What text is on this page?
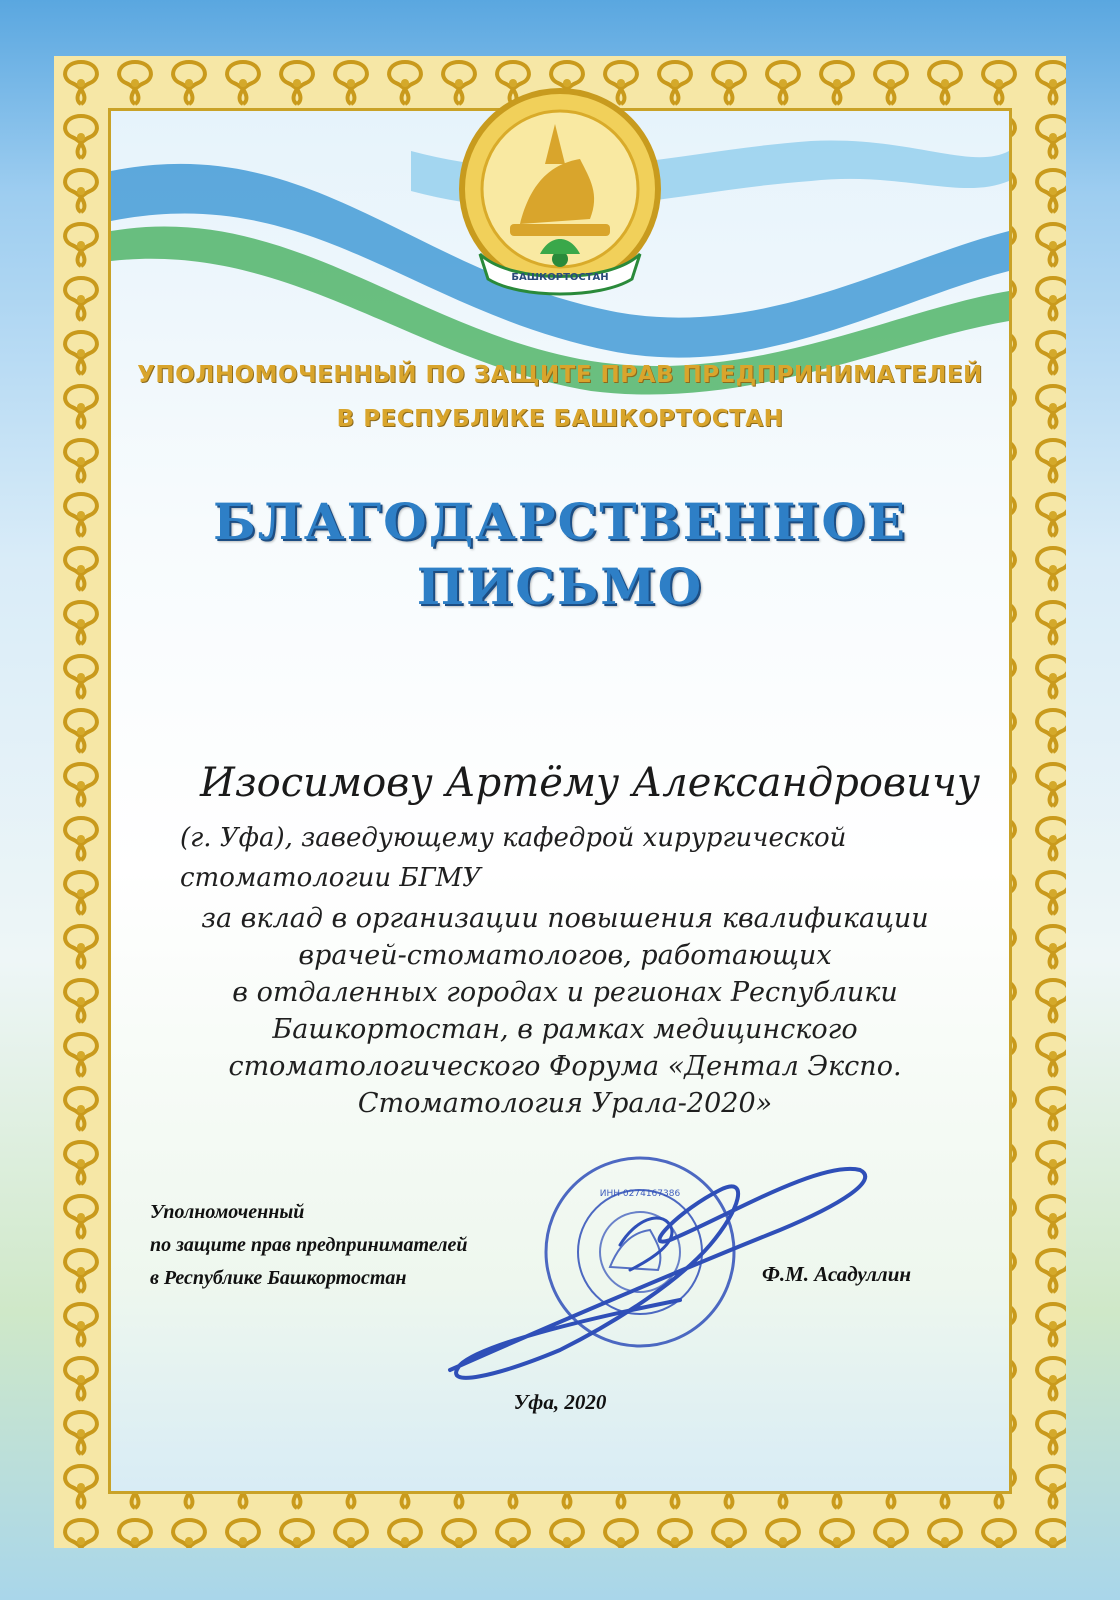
БАШКОРТОСТАН
УПОЛНОМОЧЕННЫЙ ПО ЗАЩИТЕ ПРАВ ПРЕДПРИНИМАТЕЛЕЙ
В РЕСПУБЛИКЕ БАШКОРТОСТАН
БЛАГОДАРСТВЕННОЕ
ПИСЬМО
Изосимову Артёму Александровичу
(г. Уфа), заведующему кафедрой хирургической
стоматологии БГМУ
за вклад в организации повышения квалификации
врачей-стоматологов, работающих
в отдаленных городах и регионах Республики
Башкортостан, в рамках медицинского
стоматологического Форума «Дентал Экспо.
Стоматология Урала-2020»
ИНН 0274167386
Уполномоченный
по защите прав предпринимателей
в Республике Башкортостан	Ф.М. Асадуллин
Уфа, 2020
